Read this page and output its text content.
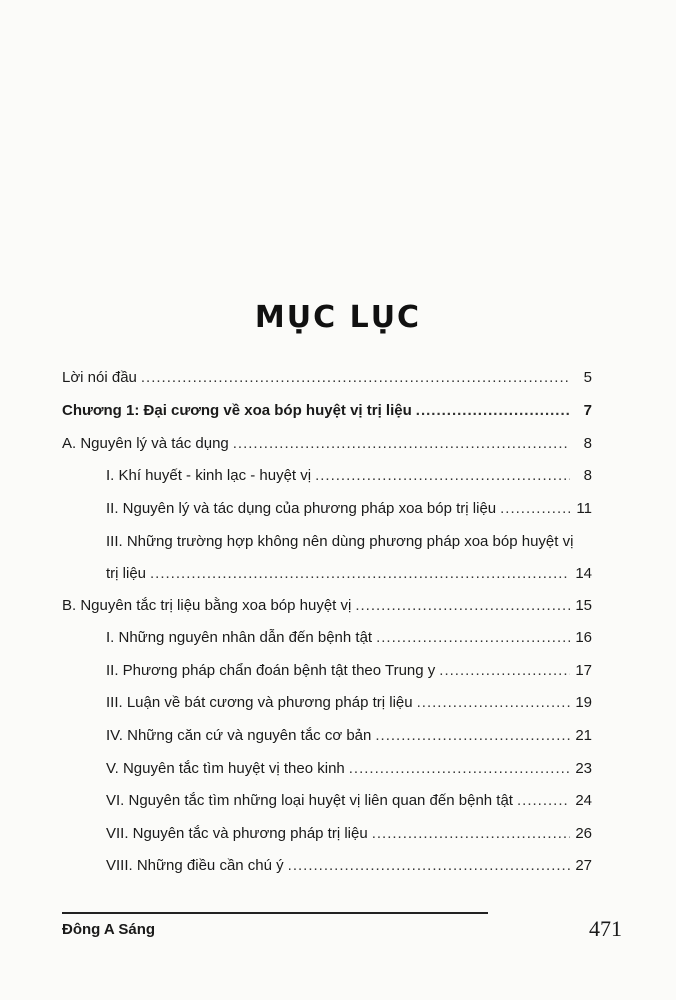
MỤC LỤC
Lời nói đầu .....	5
Chương 1: Đại cương về xoa bóp huyệt vị trị liệu .....	7
A. Nguyên lý và tác dụng .....	8
I. Khí huyết - kinh lạc - huyệt vị .....	8
II. Nguyên lý và tác dụng của phương pháp xoa bóp trị liệu .....	11
III. Những trường hợp không nên dùng phương pháp xoa bóp huyệt vị
trị liệu .....	14
B. Nguyên tắc trị liệu bằng xoa bóp huyệt vị .....	15
I. Những nguyên nhân dẫn đến bệnh tật .....	16
II. Phương pháp chẩn đoán bệnh tật theo Trung y .....	17
III. Luận về bát cương và phương pháp trị liệu .....	19
IV. Những căn cứ và nguyên tắc cơ bản .....	21
V. Nguyên tắc tìm huyệt vị theo kinh .....	23
VI. Nguyên tắc tìm những loại huyệt vị liên quan đến bệnh tật .....	24
VII. Nguyên tắc và phương pháp trị liệu .....	26
VIII. Những điều cần chú ý .....	27
Đông A Sáng	471
